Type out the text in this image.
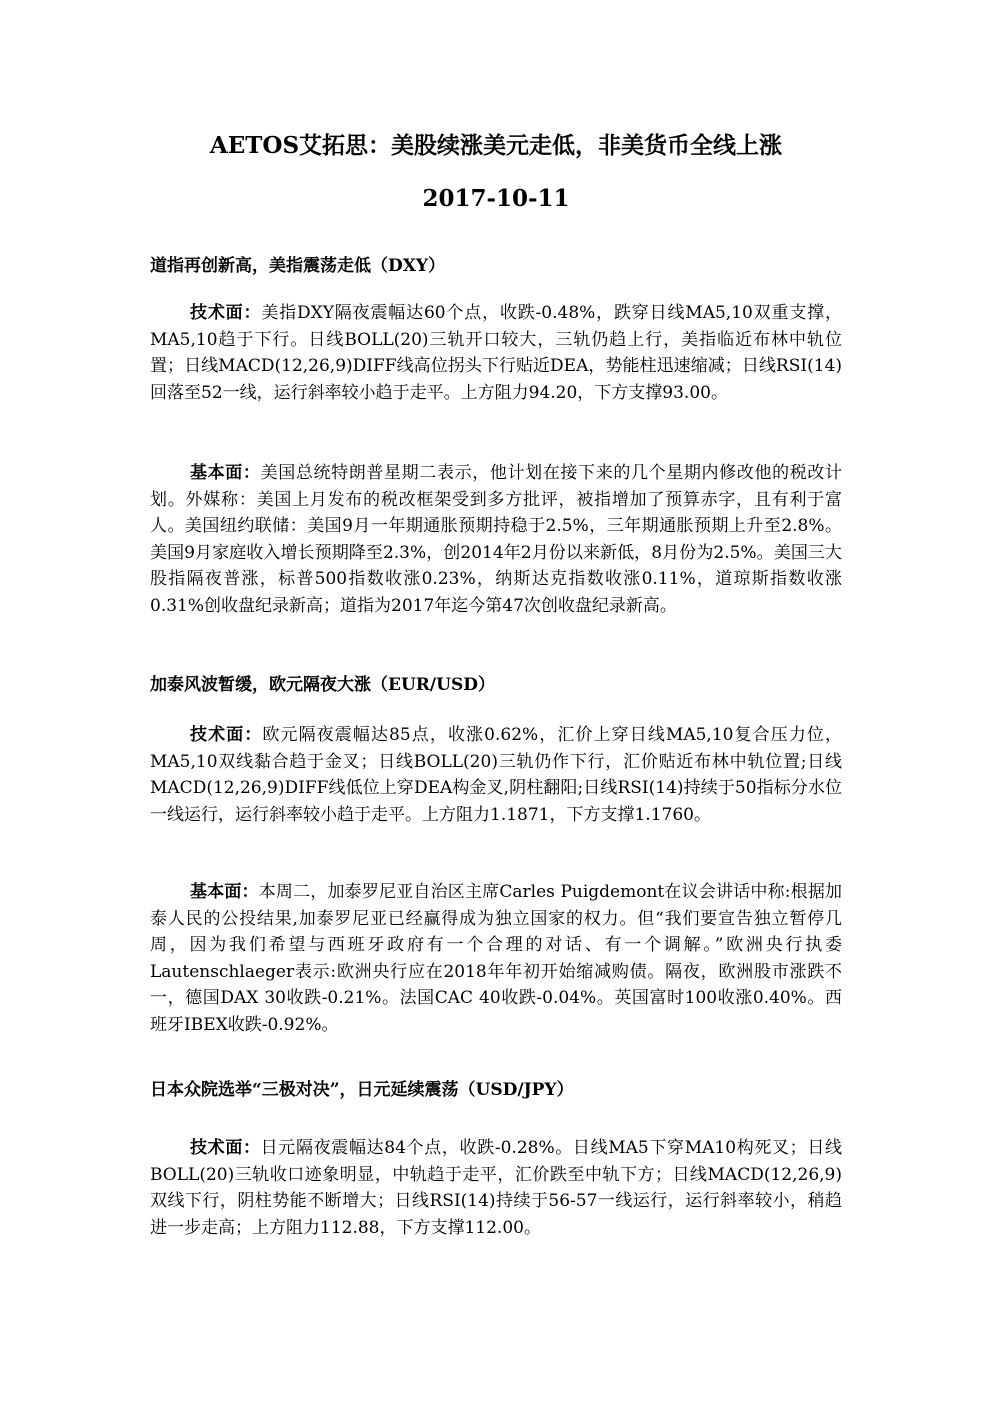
AETOS艾拓思：美股续涨美元走低，非美货币全线上涨
2017-10-11
道指再创新高，美指震荡走低（DXY）

技术面：美指DXY隔夜震幅达60个点，收跌-0.48%，跌穿日线MA5,10双重支撑，MA5,10趋于下行。日线BOLL(20)三轨开口较大，三轨仍趋上行，美指临近布林中轨位置；日线MACD(12,26,9)DIFF线高位拐头下行贴近DEA，势能柱迅速缩减；日线RSI(14)回落至52一线，运行斜率较小趋于走平。上方阻力94.20，下方支撑93.00。

基本面：美国总统特朗普星期二表示，他计划在接下来的几个星期内修改他的税改计划。外媒称：美国上月发布的税改框架受到多方批评，被指增加了预算赤字，且有利于富人。美国纽约联储：美国9月一年期通胀预期持稳于2.5%，三年期通胀预期上升至2.8%。美国9月家庭收入增长预期降至2.3%，创2014年2月份以来新低，8月份为2.5%。美国三大股指隔夜普涨，标普500指数收涨0.23%，纳斯达克指数收涨0.11%，道琼斯指数收涨0.31%创收盘纪录新高；道指为2017年迄今第47次创收盘纪录新高。

加泰风波暂缓，欧元隔夜大涨（EUR/USD）

技术面：欧元隔夜震幅达85点，收涨0.62%，汇价上穿日线MA5,10复合压力位，MA5,10双线黏合趋于金叉；日线BOLL(20)三轨仍作下行，汇价贴近布林中轨位置;日线MACD(12,26,9)DIFF线低位上穿DEA构金叉,阴柱翻阳;日线RSI(14)持续于50指标分水位一线运行，运行斜率较小趋于走平。上方阻力1.1871，下方支撑1.1760。

基本面：本周二，加泰罗尼亚自治区主席Carles Puigdemont在议会讲话中称:根据加泰人民的公投结果,加泰罗尼亚已经赢得成为独立国家的权力。但“我们要宣告独立暂停几周，因为我们希望与西班牙政府有一个合理的对话、有一个调解。”欧洲央行执委Lautenschlaeger表示:欧洲央行应在2018年年初开始缩减购债。隔夜，欧洲股市涨跌不一，德国DAX 30收跌-0.21%。法国CAC 40收跌-0.04%。英国富时100收涨0.40%。西班牙IBEX收跌-0.92%。

日本众院选举“三极对决”，日元延续震荡（USD/JPY）

技术面：日元隔夜震幅达84个点，收跌-0.28%。日线MA5下穿MA10构死叉；日线BOLL(20)三轨收口迹象明显，中轨趋于走平，汇价跌至中轨下方；日线MACD(12,26,9)双线下行，阴柱势能不断增大；日线RSI(14)持续于56-57一线运行，运行斜率较小，稍趋进一步走高；上方阻力112.88，下方支撑112.00。
